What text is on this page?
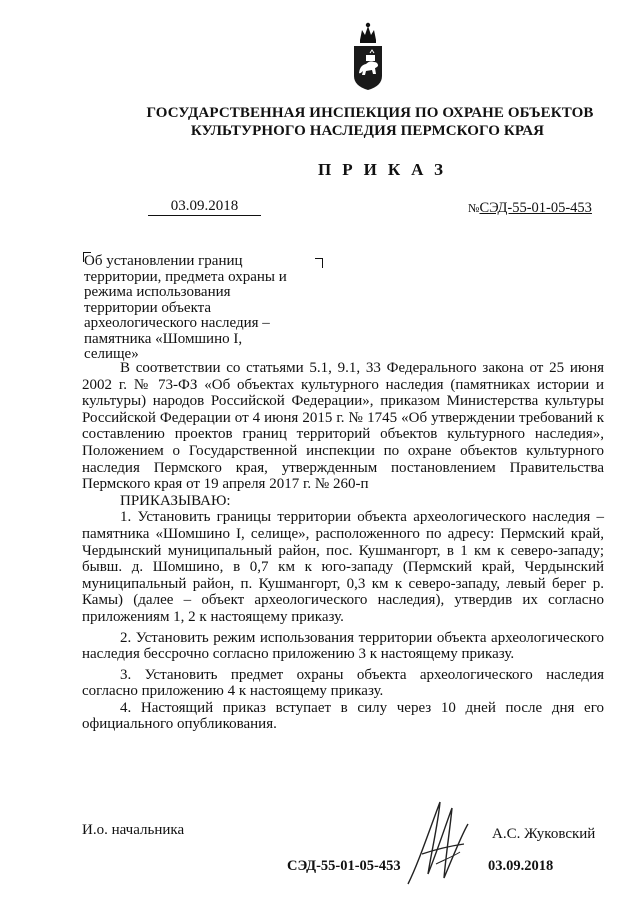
ГОСУДАРСТВЕННАЯ ИНСПЕКЦИЯ ПО ОХРАНЕ ОБЪЕКТОВ
КУЛЬТУРНОГО НАСЛЕДИЯ ПЕРМСКОГО КРАЯ
ПРИКАЗ
03.09.2018	№СЭД-55-01-05-453
Об установлении границ
территории, предмета охраны и
режима использования
территории объекта
археологического наследия –
памятника «Шомшино I,
селище»

В соответствии со статьями 5.1, 9.1, 33 Федерального закона от 25 июня 2002 г. № 73-ФЗ «Об объектах культурного наследия (памятниках истории и культуры) народов Российской Федерации», приказом Министерства культуры Российской Федерации от 4 июня 2015 г. № 1745 «Об утверждении требований к составлению проектов границ территорий объектов культурного наследия», Положением о Государственной инспекции по охране объектов культурного наследия Пермского края, утвержденным постановлением Правительства Пермского края от 19 апреля 2017 г. № 260-п

ПРИКАЗЫВАЮ:

1. Установить границы территории объекта археологического наследия – памятника «Шомшино I, селище», расположенного по адресу: Пермский край, Чердынский муниципальный район, пос. Кушмангорт, в 1 км к северо-западу; бывш. д. Шомшино, в 0,7 км к юго-западу (Пермский край, Чердынский муниципальный район, п. Кушмангорт, 0,3 км к северо-западу, левый берег р. Камы) (далее – объект археологического наследия), утвердив их согласно приложениям 1, 2 к настоящему приказу.

2. Установить режим использования территории объекта археологического наследия бессрочно согласно приложению 3 к настоящему приказу.

3. Установить предмет охраны объекта археологического наследия согласно приложению 4 к настоящему приказу.

4. Настоящий приказ вступает в силу через 10 дней после дня его официального опубликования.

И.о. начальника	А.С. Жуковский
СЭД-55-01-05-453	03.09.2018
